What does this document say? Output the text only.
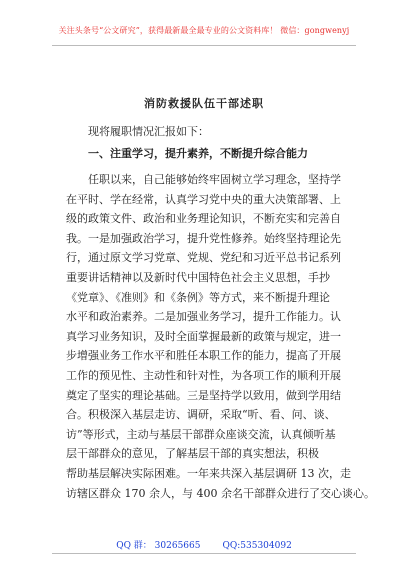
关注头条号“公文研究”，获得最新最全最专业的公文资料库！ 微信：gongwenyj
消防救援队伍干部述职
现将履职情况汇报如下：
一、注重学习，提升素养，不断提升综合能力
任职以来，自己能够始终牢固树立学习理念，坚持学
在平时、学在经常，认真学习党中央的重大决策部署、上
级的政策文件、政治和业务理论知识，不断充实和完善自
我。一是加强政治学习，提升党性修养。始终坚持理论先
行，通过原文学习党章、党规、党纪和习近平总书记系列
重要讲话精神以及新时代中国特色社会主义思想，手抄
《党章》、《准则》和《条例》等方式，来不断提升理论
水平和政治素养。二是加强业务学习，提升工作能力。认
真学习业务知识，及时全面掌握最新的政策与规定，进一
步增强业务工作水平和胜任本职工作的能力，提高了开展
工作的预见性、主动性和针对性，为各项工作的顺利开展
奠定了坚实的理论基础。三是坚持学以致用，做到学用结
合。积极深入基层走访、调研，采取“听、看、问、谈、
访”等形式，主动与基层干部群众座谈交流，认真倾听基
层干部群众的意见，了解基层干部的真实想法，积极
帮助基层解决实际困难。一年来共深入基层调研 13 次，走
访辖区群众 170 余人，与 400 余名干部群众进行了交心谈心。
QQ 群： 30265665 QQ:535304092
